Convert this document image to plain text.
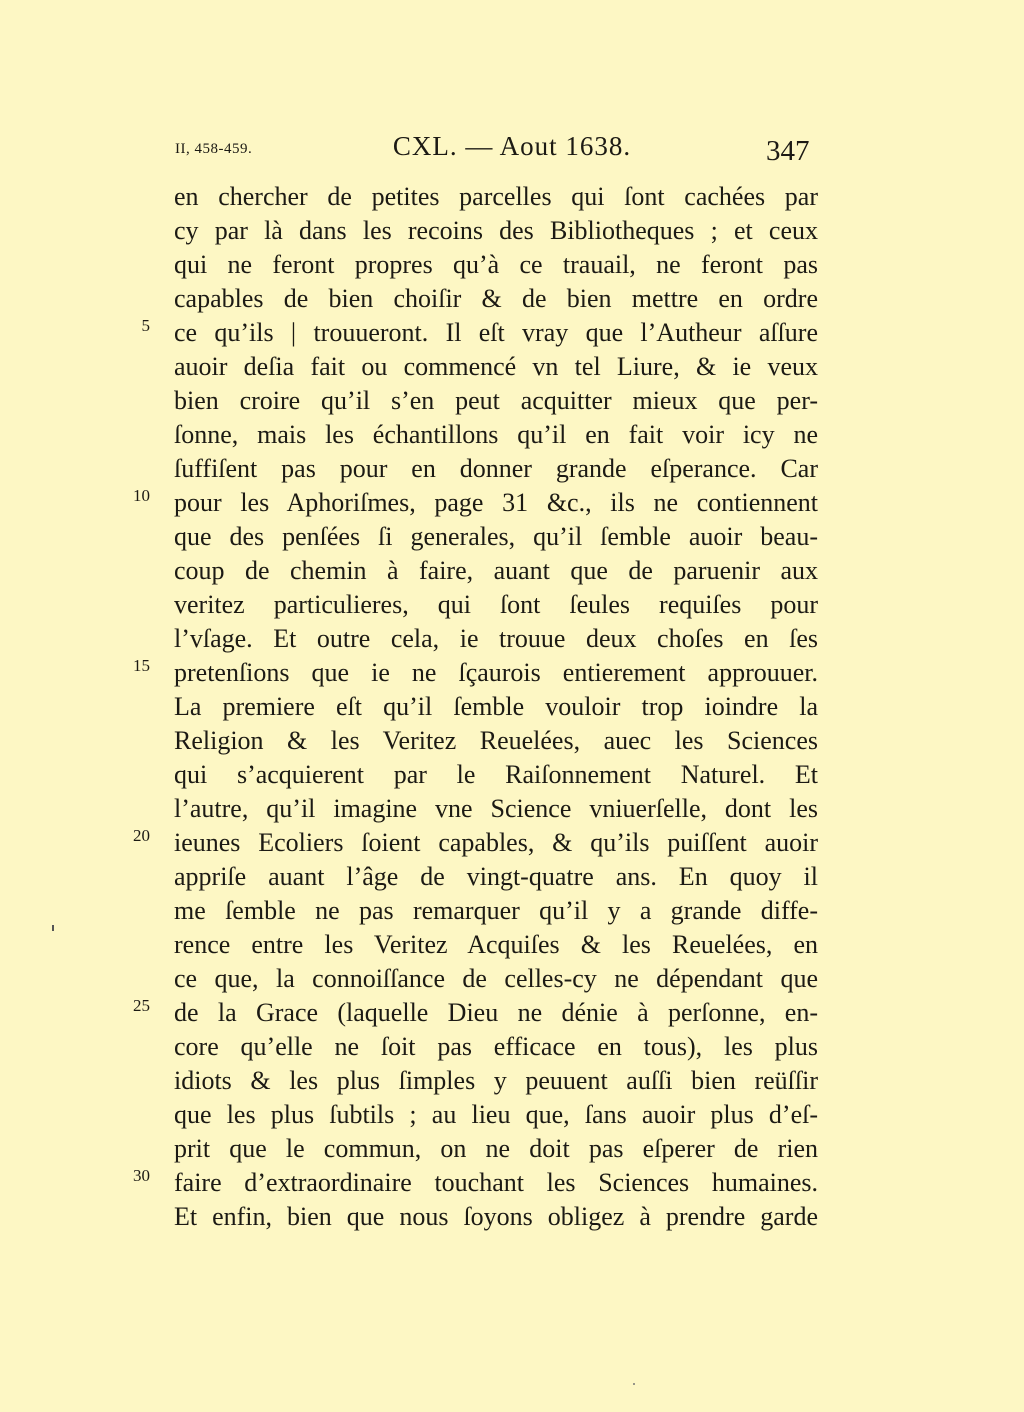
II, 458-459.	CXL. — Aout 1638.	347
en chercher de petites parcelles qui ſont cachées par
cy par là dans les recoins des Bibliotheques ; et ceux
qui ne feront propres qu’à ce trauail, ne feront pas
capables de bien choiſir & de bien mettre en ordre
ce qu’ils | trouueront. Il eſt vray que l’Autheur aſſure
auoir deſia fait ou commencé vn tel Liure, & ie veux
bien croire qu’il s’en peut acquitter mieux que per-
ſonne, mais les échantillons qu’il en fait voir icy ne
ſuffiſent pas pour en donner grande eſperance. Car
pour les Aphoriſmes, page 31 &c., ils ne contiennent
que des penſées ſi generales, qu’il ſemble auoir beau-
coup de chemin à faire, auant que de paruenir aux
veritez particulieres, qui ſont ſeules requiſes pour
l’vſage. Et outre cela, ie trouue deux choſes en ſes
pretenſions que ie ne ſçaurois entierement approuuer.
La premiere eſt qu’il ſemble vouloir trop ioindre la
Religion & les Veritez Reuelées, auec les Sciences
qui s’acquierent par le Raiſonnement Naturel. Et
l’autre, qu’il imagine vne Science vniuerſelle, dont les
ieunes Ecoliers ſoient capables, & qu’ils puiſſent auoir
appriſe auant l’âge de vingt-quatre ans. En quoy il
me ſemble ne pas remarquer qu’il y a grande diffe-
rence entre les Veritez Acquiſes & les Reuelées, en
ce que, la connoiſſance de celles-cy ne dépendant que
de la Grace (laquelle Dieu ne dénie à perſonne, en-
core qu’elle ne ſoit pas efficace en tous), les plus
idiots & les plus ſimples y peuuent auſſi bien reüſſir
que les plus ſubtils ; au lieu que, ſans auoir plus d’eſ-
prit que le commun, on ne doit pas eſperer de rien
faire d’extraordinaire touchant les Sciences humaines.
Et enfin, bien que nous ſoyons obligez à prendre garde
5
10
15
20
25
30
